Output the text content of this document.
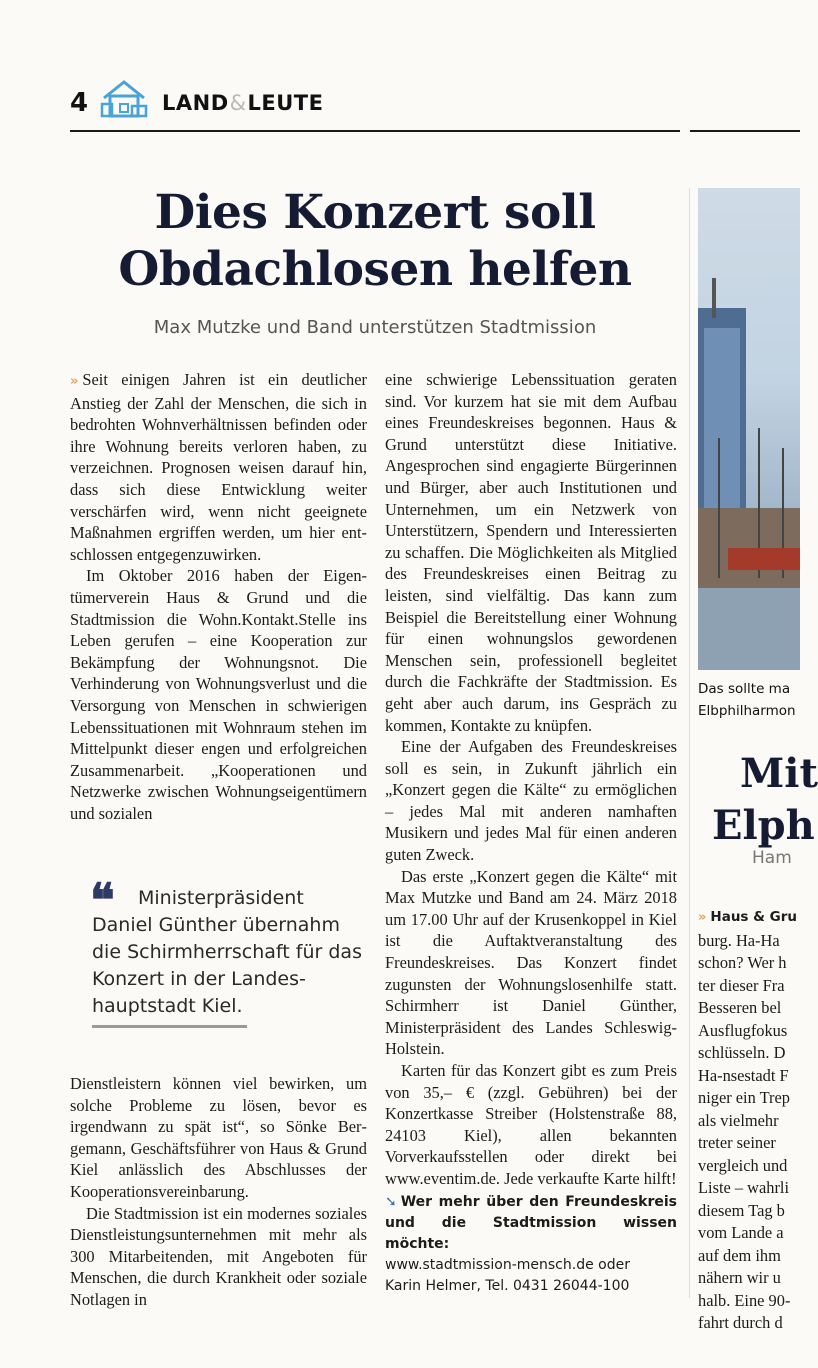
4	LAND&LEUTE
Dies Konzert soll
Obdachlosen helfen
Max Mutzke und Band unterstützen Stadtmission

» Seit einigen Jahren ist ein deutlicher Anstieg der Zahl der Menschen, die sich in bedrohten Wohnverhältnissen befinden oder ihre Wohnung bereits verloren haben, zu verzeichnen. Prognosen weisen darauf hin, dass sich diese Entwicklung weiter verschärfen wird, wenn nicht geeignete Maßnahmen ergriffen werden, um hier entschlossen entgegenzuwirken.

Im Oktober 2016 haben der Eigentümerverein Haus & Grund und die Stadtmission die Wohn.Kontakt.Stelle ins Leben gerufen – eine Kooperation zur Bekämpfung der Wohnungsnot. Die Verhinderung von Wohnungsverlust und die Versorgung von Menschen in schwierigen Lebenssituationen mit Wohnraum stehen im Mittelpunkt dieser engen und erfolgreichen Zusammenarbeit. „Kooperationen und Netzwerke zwischen Wohnungseigentümern und sozialen

❝	Ministerpräsident Daniel Günther übernahm die Schirmherrschaft für das Konzert in der Landeshauptstadt Kiel.

Dienstleistern können viel bewirken, um solche Probleme zu lösen, bevor es irgendwann zu spät ist“, so Sönke Bergemann, Geschäftsführer von Haus & Grund Kiel anlässlich des Abschlusses der Kooperationsvereinbarung.

Die Stadtmission ist ein modernes soziales Dienstleistungsunternehmen mit mehr als 300 Mitarbeitenden, mit Angeboten für Menschen, die durch Krankheit oder soziale Notlagen in

eine schwierige Lebenssituation geraten sind. Vor kurzem hat sie mit dem Aufbau eines Freundeskreises begonnen. Haus & Grund unterstützt diese Initiative. Angesprochen sind engagierte Bürgerinnen und Bürger, aber auch Institutionen und Unternehmen, um ein Netzwerk von Unterstützern, Spendern und Interessierten zu schaffen. Die Möglichkeiten als Mitglied des Freundeskreises einen Beitrag zu leisten, sind vielfältig. Das kann zum Beispiel die Bereitstellung einer Wohnung für einen wohnungslos gewordenen Menschen sein, professionell begleitet durch die Fachkräfte der Stadtmission. Es geht aber auch darum, ins Gespräch zu kommen, Kontakte zu knüpfen.

Eine der Aufgaben des Freundeskreises soll es sein, in Zukunft jährlich ein „Konzert gegen die Kälte“ zu ermöglichen – jedes Mal mit anderen namhaften Musikern und jedes Mal für einen anderen guten Zweck.

Das erste „Konzert gegen die Kälte“ mit Max Mutzke und Band am 24. März 2018 um 17.00 Uhr auf der Krusenkoppel in Kiel ist die Auftaktveranstaltung des Freundeskreises. Das Konzert findet zugunsten der Wohnungslosenhilfe statt. Schirmherr ist Daniel Günther, Ministerpräsident des Landes Schleswig-Holstein.

Karten für das Konzert gibt es zum Preis von 35,– € (zzgl. Gebühren) bei der Konzertkasse Streiber (Holstenstraße 88, 24103 Kiel), allen bekannten Vorverkaufsstellen oder direkt bei www.eventim.de. Jede verkaufte Karte hilft!

➘ Wer mehr über den Freundeskreis und die Stadtmission wissen möchte:
www.stadtmission-mensch.de oder
Karin Helmer, Tel. 0431 26044-100
Das sollte ma
Elbphilharmon
Mit
Elph
Ham
» Haus & Gru
burg. Ha-Ha
schon? Wer h
ter dieser Fra
Besseren bel
Ausflugfokus
schlüsseln. D
Ha-nsestadt F
niger ein Trep
als vielmehr
treter seiner
vergleich und
Liste – wahrli
diesem Tag b
vom Lande a
auf dem ihm
nähern wir u
halb. Eine 90-
fahrt durch d
